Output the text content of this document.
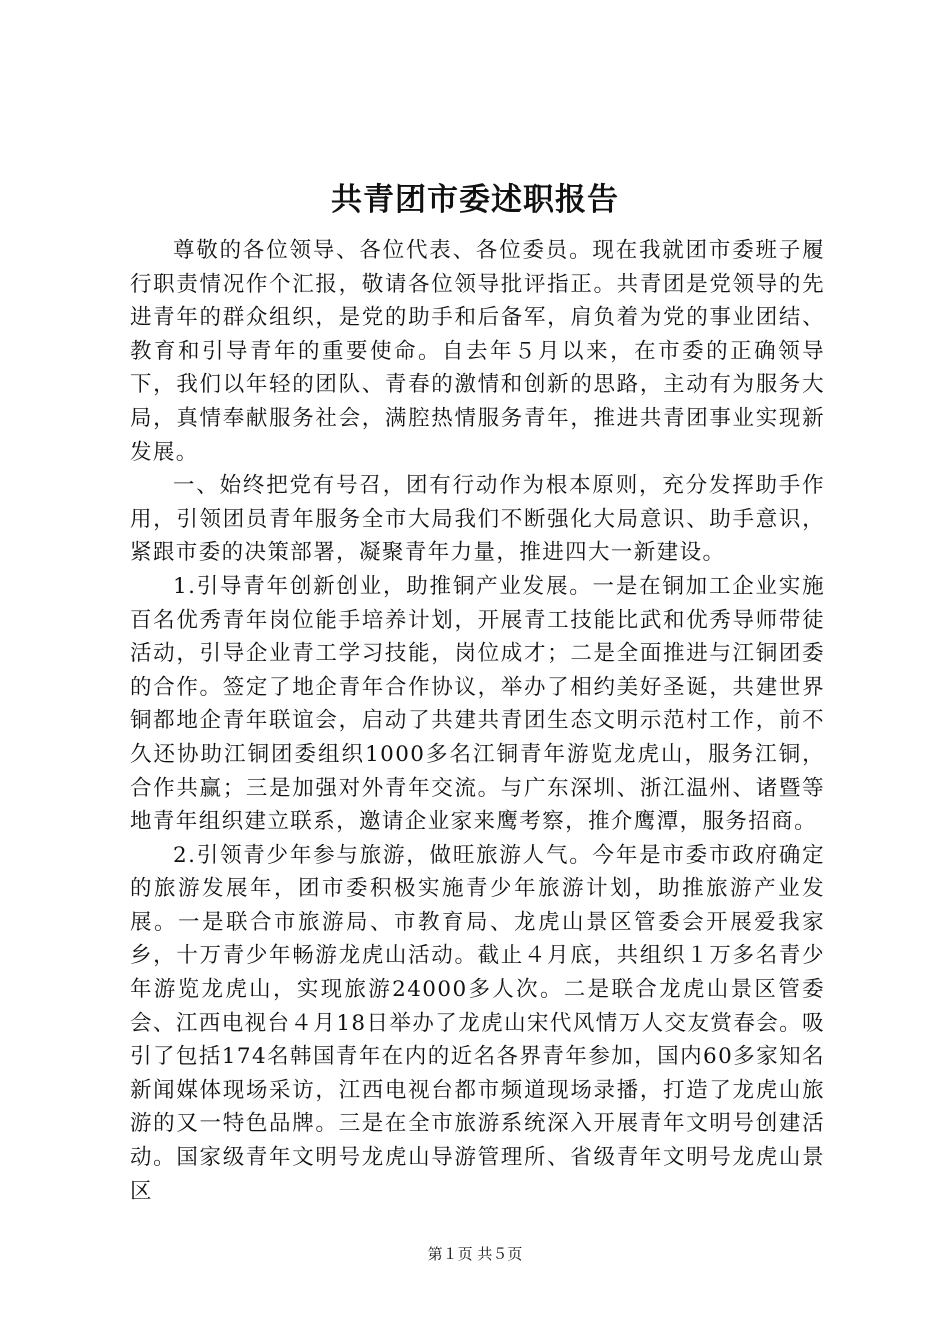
共青团市委述职报告

尊敬的各位领导、各位代表、各位委员。现在我就团市委班子履行职责情况作个汇报，敬请各位领导批评指正。共青团是党领导的先进青年的群众组织，是党的助手和后备军，肩负着为党的事业团结、教育和引导青年的重要使命。自去年５月以来，在市委的正确领导下，我们以年轻的团队、青春的激情和创新的思路，主动有为服务大局，真情奉献服务社会，满腔热情服务青年，推进共青团事业实现新发展。

一、始终把党有号召，团有行动作为根本原则，充分发挥助手作用，引领团员青年服务全市大局我们不断强化大局意识、助手意识，紧跟市委的决策部署，凝聚青年力量，推进四大一新建设。

1.引导青年创新创业，助推铜产业发展。一是在铜加工企业实施百名优秀青年岗位能手培养计划，开展青工技能比武和优秀导师带徒活动，引导企业青工学习技能，岗位成才；二是全面推进与江铜团委的合作。签定了地企青年合作协议，举办了相约美好圣诞，共建世界铜都地企青年联谊会，启动了共建共青团生态文明示范村工作，前不久还协助江铜团委组织1000多名江铜青年游览龙虎山，服务江铜，合作共赢；三是加强对外青年交流。与广东深圳、浙江温州、诸暨等地青年组织建立联系，邀请企业家来鹰考察，推介鹰潭，服务招商。

2.引领青少年参与旅游，做旺旅游人气。今年是市委市政府确定的旅游发展年，团市委积极实施青少年旅游计划，助推旅游产业发展。一是联合市旅游局、市教育局、龙虎山景区管委会开展爱我家乡，十万青少年畅游龙虎山活动。截止４月底，共组织１万多名青少年游览龙虎山，实现旅游24000多人次。二是联合龙虎山景区管委会、江西电视台４月18日举办了龙虎山宋代风情万人交友赏春会。吸引了包括174名韩国青年在内的近名各界青年参加，国内60多家知名新闻媒体现场采访，江西电视台都市频道现场录播，打造了龙虎山旅游的又一特色品牌。三是在全市旅游系统深入开展青年文明号创建活动。国家级青年文明号龙虎山导游管理所、省级青年文明号龙虎山景区

第１页 共５页
